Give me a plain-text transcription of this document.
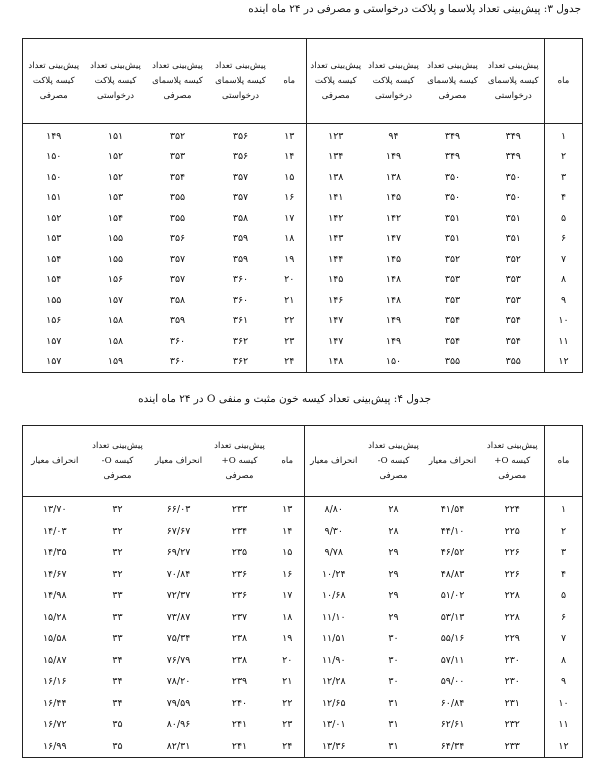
جدول ۳: پیش‌بینی تعداد پلاسما و پلاکت درخواستی و مصرفی در ۲۴ ماه آینده
ماه	پیش‌بینی تعداد کیسه پلاسمای درخواستی	پیش‌بینی تعداد کیسه پلاسمای مصرفی	پیش‌بینی تعداد کیسه پلاکت درخواستی	پیش‌بینی تعداد کیسه پلاکت مصرفی	ماه	پیش‌بینی تعداد کیسه پلاسمای درخواستی	پیش‌بینی تعداد کیسه پلاسمای مصرفی	پیش‌بینی تعداد کیسه پلاکت درخواستی	پیش‌بینی تعداد کیسه پلاکت مصرفی
۱	۳۴۹	۳۴۹	۹۴	۱۲۳	۱۳	۳۵۶	۳۵۲	۱۵۱	۱۴۹
۲	۳۴۹	۳۴۹	۱۴۹	۱۳۴	۱۴	۳۵۶	۳۵۳	۱۵۲	۱۵۰
۳	۳۵۰	۳۵۰	۱۳۸	۱۳۸	۱۵	۳۵۷	۳۵۴	۱۵۲	۱۵۰
۴	۳۵۰	۳۵۰	۱۴۵	۱۴۱	۱۶	۳۵۷	۳۵۵	۱۵۳	۱۵۱
۵	۳۵۱	۳۵۱	۱۴۲	۱۴۲	۱۷	۳۵۸	۳۵۵	۱۵۴	۱۵۲
۶	۳۵۱	۳۵۱	۱۴۷	۱۴۳	۱۸	۳۵۹	۳۵۶	۱۵۵	۱۵۳
۷	۳۵۲	۳۵۲	۱۴۵	۱۴۴	۱۹	۳۵۹	۳۵۷	۱۵۵	۱۵۴
۸	۳۵۳	۳۵۳	۱۴۸	۱۴۵	۲۰	۳۶۰	۳۵۷	۱۵۶	۱۵۴
۹	۳۵۳	۳۵۳	۱۴۸	۱۴۶	۲۱	۳۶۰	۳۵۸	۱۵۷	۱۵۵
۱۰	۳۵۴	۳۵۴	۱۴۹	۱۴۷	۲۲	۳۶۱	۳۵۹	۱۵۸	۱۵۶
۱۱	۳۵۴	۳۵۴	۱۴۹	۱۴۷	۲۳	۳۶۲	۳۶۰	۱۵۸	۱۵۷
۱۲	۳۵۵	۳۵۵	۱۵۰	۱۴۸	۲۴	۳۶۲	۳۶۰	۱۵۹	۱۵۷
جدول ۴: پیش‌بینی تعداد کیسه خون مثبت و منفی O در ۲۴ ماه آینده
ماه	پیش‌بینی تعداد کیسه O+ مصرفی	انحراف معیار	پیش‌بینی تعداد کیسه O- مصرفی	انحراف معیار	ماه	پیش‌بینی تعداد کیسه O+ مصرفی	انحراف معیار	پیش‌بینی تعداد کیسه O- مصرفی	انحراف معیار
۱	۲۲۴	۴۱/۵۴	۲۸	۸/۸۰	۱۳	۲۳۳	۶۶/۰۳	۳۲	۱۳/۷۰
۲	۲۲۵	۴۴/۱۰	۲۸	۹/۳۰	۱۴	۲۳۴	۶۷/۶۷	۳۲	۱۴/۰۳
۳	۲۲۶	۴۶/۵۲	۲۹	۹/۷۸	۱۵	۲۳۵	۶۹/۲۷	۳۲	۱۴/۳۵
۴	۲۲۶	۴۸/۸۳	۲۹	۱۰/۲۴	۱۶	۲۳۶	۷۰/۸۴	۳۲	۱۴/۶۷
۵	۲۲۸	۵۱/۰۲	۲۹	۱۰/۶۸	۱۷	۲۳۶	۷۲/۳۷	۳۳	۱۴/۹۸
۶	۲۲۸	۵۳/۱۳	۲۹	۱۱/۱۰	۱۸	۲۳۷	۷۳/۸۷	۳۳	۱۵/۲۸
۷	۲۲۹	۵۵/۱۶	۳۰	۱۱/۵۱	۱۹	۲۳۸	۷۵/۳۴	۳۳	۱۵/۵۸
۸	۲۳۰	۵۷/۱۱	۳۰	۱۱/۹۰	۲۰	۲۳۸	۷۶/۷۹	۳۴	۱۵/۸۷
۹	۲۳۰	۵۹/۰۰	۳۰	۱۲/۲۸	۲۱	۲۳۹	۷۸/۲۰	۳۴	۱۶/۱۶
۱۰	۲۳۱	۶۰/۸۴	۳۱	۱۲/۶۵	۲۲	۲۴۰	۷۹/۵۹	۳۴	۱۶/۴۴
۱۱	۲۳۲	۶۲/۶۱	۳۱	۱۳/۰۱	۲۳	۲۴۱	۸۰/۹۶	۳۵	۱۶/۷۲
۱۲	۲۳۳	۶۴/۳۴	۳۱	۱۳/۳۶	۲۴	۲۴۱	۸۲/۳۱	۳۵	۱۶/۹۹
